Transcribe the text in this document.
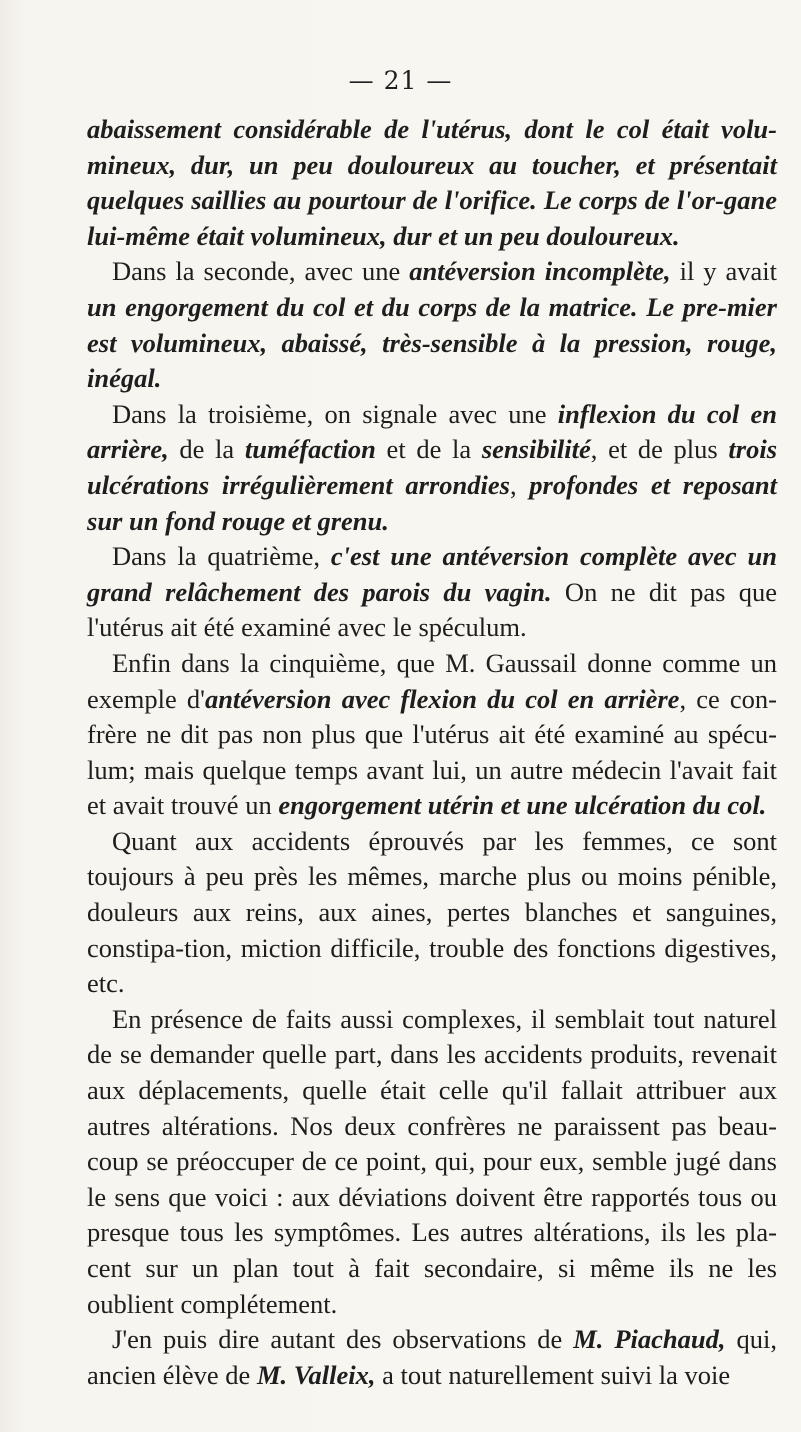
— 21 —

abaissement considérable de l'utérus, dont le col était volu-mineux, dur, un peu douloureux au toucher, et présentait quelques saillies au pourtour de l'orifice. Le corps de l'or-gane lui-même était volumineux, dur et un peu douloureux.

Dans la seconde, avec une antéversion incomplète, il y avait un engorgement du col et du corps de la matrice. Le pre-mier est volumineux, abaissé, très-sensible à la pression, rouge, inégal.

Dans la troisième, on signale avec une inflexion du col en arrière, de la tuméfaction et de la sensibilité, et de plus trois ulcérations irrégulièrement arrondies, profondes et reposant sur un fond rouge et grenu.

Dans la quatrième, c'est une antéversion complète avec un grand relâchement des parois du vagin. On ne dit pas que l'utérus ait été examiné avec le spéculum.

Enfin dans la cinquième, que M. Gaussail donne comme un exemple d'antéversion avec flexion du col en arrière, ce con-frère ne dit pas non plus que l'utérus ait été examiné au spécu-lum; mais quelque temps avant lui, un autre médecin l'avait fait et avait trouvé un engorgement utérin et une ulcération du col.

Quant aux accidents éprouvés par les femmes, ce sont toujours à peu près les mêmes, marche plus ou moins pénible, douleurs aux reins, aux aines, pertes blanches et sanguines, constipa-tion, miction difficile, trouble des fonctions digestives, etc.

En présence de faits aussi complexes, il semblait tout naturel de se demander quelle part, dans les accidents produits, revenait aux déplacements, quelle était celle qu'il fallait attribuer aux autres altérations. Nos deux confrères ne paraissent pas beau-coup se préoccuper de ce point, qui, pour eux, semble jugé dans le sens que voici : aux déviations doivent être rapportés tous ou presque tous les symptômes. Les autres altérations, ils les pla-cent sur un plan tout à fait secondaire, si même ils ne les oublient complétement.

J'en puis dire autant des observations de M. Piachaud, qui, ancien élève de M. Valleix, a tout naturellement suivi la voie
